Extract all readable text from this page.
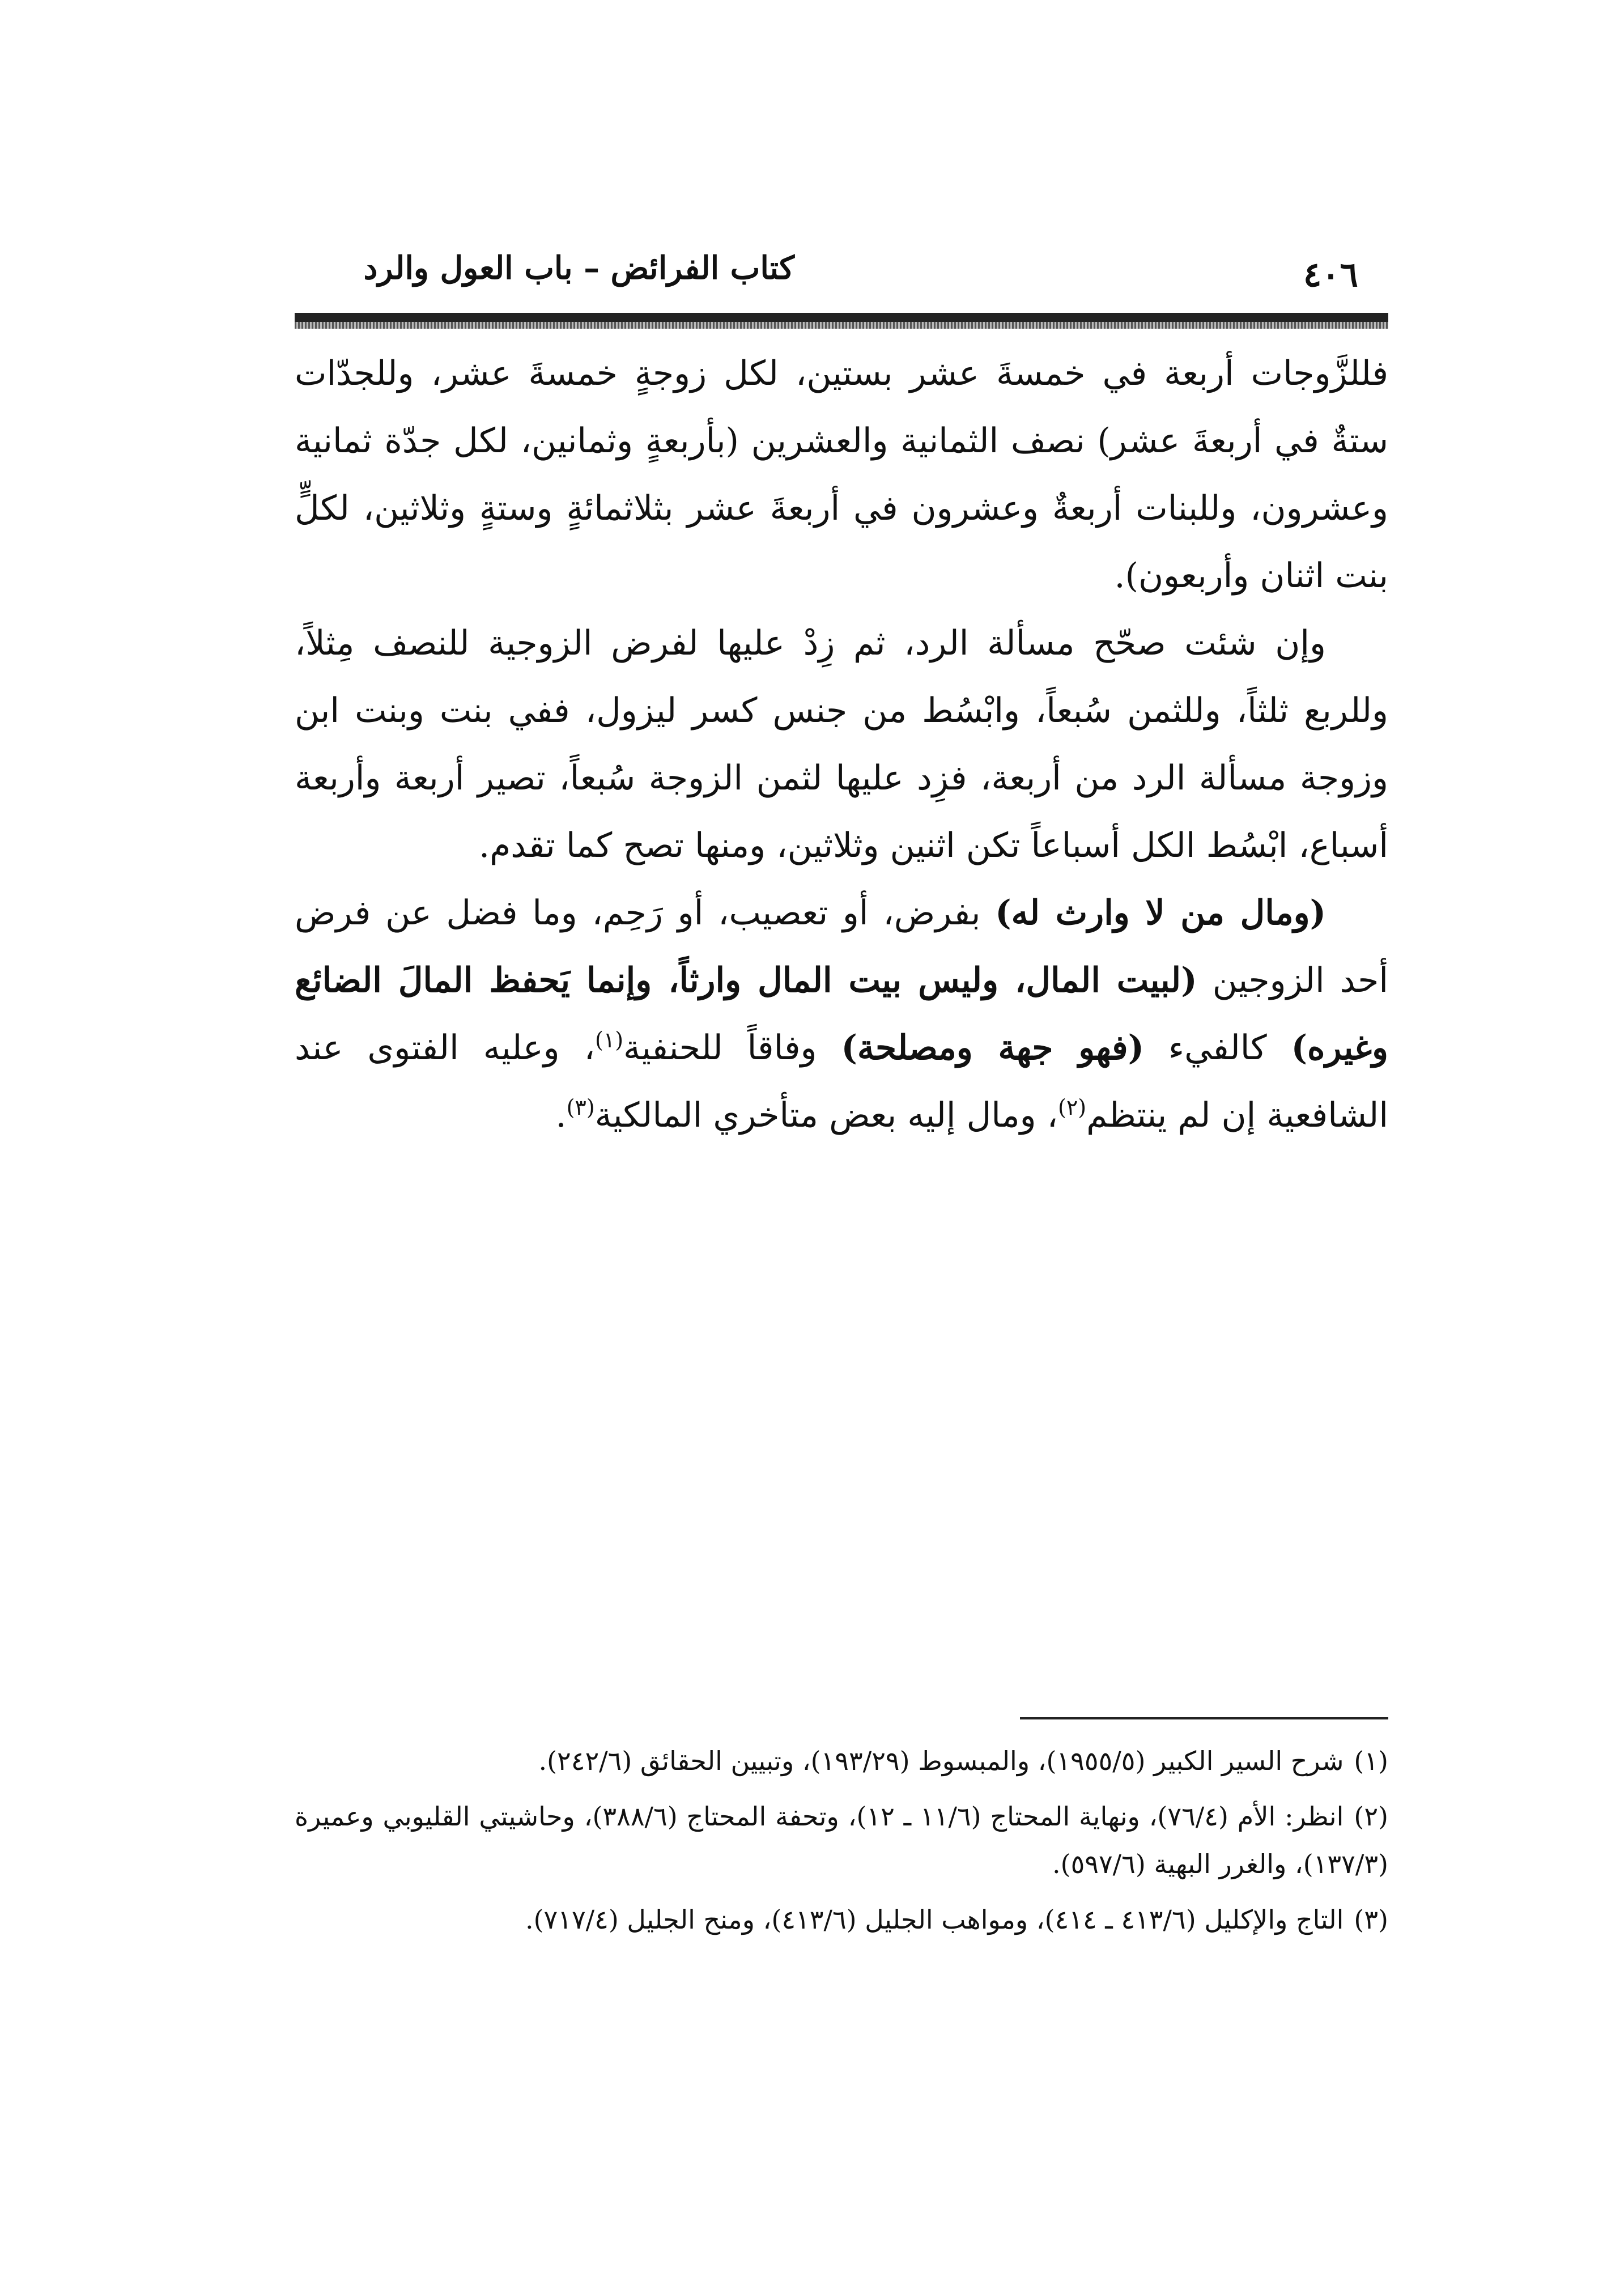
كتاب الفرائض – باب العول والرد	٤٠٦

فللزَّوجات أربعة في خمسةَ عشر بستين، لكل زوجةٍ خمسةَ عشر، وللجدّات ستةٌ في أربعةَ عشر) نصف الثمانية والعشرين (بأربعةٍ وثمانين، لكل جدّة ثمانية وعشرون، وللبنات أربعةٌ وعشرون في أربعةَ عشر بثلاثمائةٍ وستةٍ وثلاثين، لكلٍّ بنت اثنان وأربعون).

وإن شئت صحّح مسألة الرد، ثم زِدْ عليها لفرض الزوجية للنصف مِثلاً، وللربع ثلثاً، وللثمن سُبعاً، وابْسُط من جنس كسر ليزول، ففي بنت وبنت ابن وزوجة مسألة الرد من أربعة، فزِد عليها لثمن الزوجة سُبعاً، تصير أربعة وأربعة أسباع، ابْسُط الكل أسباعاً تكن اثنين وثلاثين، ومنها تصح كما تقدم.

(ومال من لا وارث له) بفرض، أو تعصيب، أو رَحِم، وما فضل عن فرض أحد الزوجين (لبيت المال، وليس بيت المال وارثاً، وإنما يَحفظ المالَ الضائع وغيره) كالفيء (فهو جهة ومصلحة) وفاقاً للحنفية$^{(١)}$، وعليه الفتوى عند الشافعية إن لم ينتظم$^{(٢)}$، ومال إليه بعض متأخري المالكية$^{(٣)}$.

(١)شرح السير الكبير (١٩٥٥/٥)، والمبسوط (١٩٣/٢٩)، وتبيين الحقائق (٢٤٢/٦).

(٢)انظر: الأم (٧٦/٤)، ونهاية المحتاج (١١/٦ ـ ١٢)، وتحفة المحتاج (٣٨٨/٦)، وحاشيتي القليوبي وعميرة (١٣٧/٣)، والغرر البهية (٥٩٧/٦).

(٣)التاج والإكليل (٤١٣/٦ ـ ٤١٤)، ومواهب الجليل (٤١٣/٦)، ومنح الجليل (٧١٧/٤).
